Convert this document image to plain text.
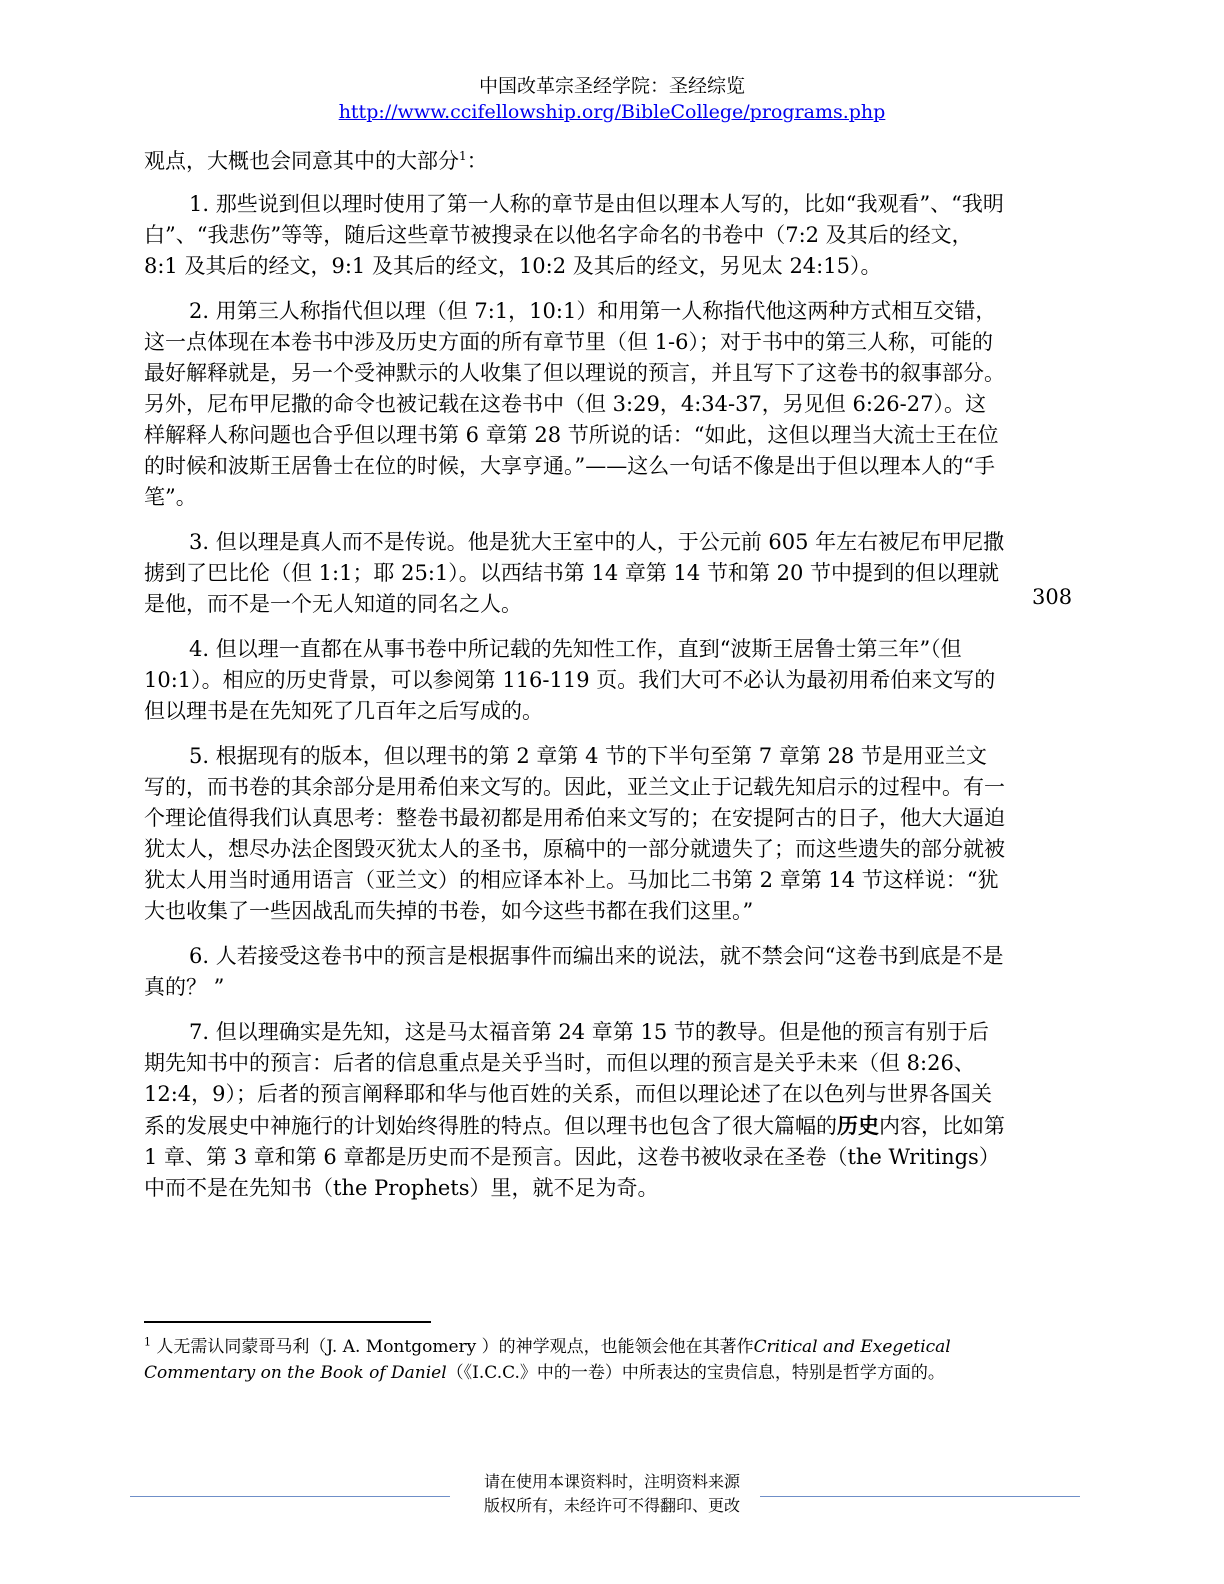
中国改革宗圣经学院：圣经综览
http://www.ccifellowship.org/BibleCollege/programs.php

观点，大概也会同意其中的大部分$^1$：

1. 那些说到但以理时使用了第一人称的章节是由但以理本人写的，比如“我观看”、“我明白”、“我悲伤”等等，随后这些章节被搜录在以他名字命名的书卷中（7:2 及其后的经文，8:1 及其后的经文，9:1 及其后的经文，10:2 及其后的经文，另见太 24:15）。

2. 用第三人称指代但以理（但 7:1，10:1）和用第一人称指代他这两种方式相互交错，这一点体现在本卷书中涉及历史方面的所有章节里（但 1-6）；对于书中的第三人称，可能的最好解释就是，另一个受神默示的人收集了但以理说的预言，并且写下了这卷书的叙事部分。另外，尼布甲尼撒的命令也被记载在这卷书中（但 3:29，4:34-37，另见但 6:26-27）。这样解释人称问题也合乎但以理书第 6 章第 28 节所说的话：“如此，这但以理当大流士王在位的时候和波斯王居鲁士在位的时候，大享亨通。”——这么一句话不像是出于但以理本人的“手笔”。

3. 但以理是真人而不是传说。他是犹大王室中的人，于公元前 605 年左右被尼布甲尼撒掳到了巴比伦（但 1:1；耶 25:1）。以西结书第 14 章第 14 节和第 20 节中提到的但以理就是他，而不是一个无人知道的同名之人。

4. 但以理一直都在从事书卷中所记载的先知性工作，直到“波斯王居鲁士第三年”（但 10:1）。相应的历史背景，可以参阅第 116-119 页。我们大可不必认为最初用希伯来文写的但以理书是在先知死了几百年之后写成的。

5. 根据现有的版本，但以理书的第 2 章第 4 节的下半句至第 7 章第 28 节是用亚兰文写的，而书卷的其余部分是用希伯来文写的。因此，亚兰文止于记载先知启示的过程中。有一个理论值得我们认真思考：整卷书最初都是用希伯来文写的；在安提阿古的日子，他大大逼迫犹太人，想尽办法企图毁灭犹太人的圣书，原稿中的一部分就遗失了；而这些遗失的部分就被犹太人用当时通用语言（亚兰文）的相应译本补上。马加比二书第 2 章第 14 节这样说：“犹大也收集了一些因战乱而失掉的书卷，如今这些书都在我们这里。”

6. 人若接受这卷书中的预言是根据事件而编出来的说法，就不禁会问“这卷书到底是不是真的？ ”

7. 但以理确实是先知，这是马太福音第 24 章第 15 节的教导。但是他的预言有别于后期先知书中的预言：后者的信息重点是关乎当时，而但以理的预言是关乎未来（但 8:26、12:4，9）；后者的预言阐释耶和华与他百姓的关系，而但以理论述了在以色列与世界各国关系的发展史中神施行的计划始终得胜的特点。但以理书也包含了很大篇幅的历史内容，比如第 1 章、第 3 章和第 6 章都是历史而不是预言。因此，这卷书被收录在圣卷（the Writings）中而不是在先知书（the Prophets）里，就不足为奇。

308
$^1$ 人无需认同蒙哥马利（J. A. Montgomery ）的神学观点，也能领会他在其著作Critical and Exegetical Commentary on the Book of Daniel（《I.C.C.》中的一卷）中所表达的宝贵信息，特别是哲学方面的。
请在使用本课资料时，注明资料来源
版权所有，未经许可不得翻印、更改
